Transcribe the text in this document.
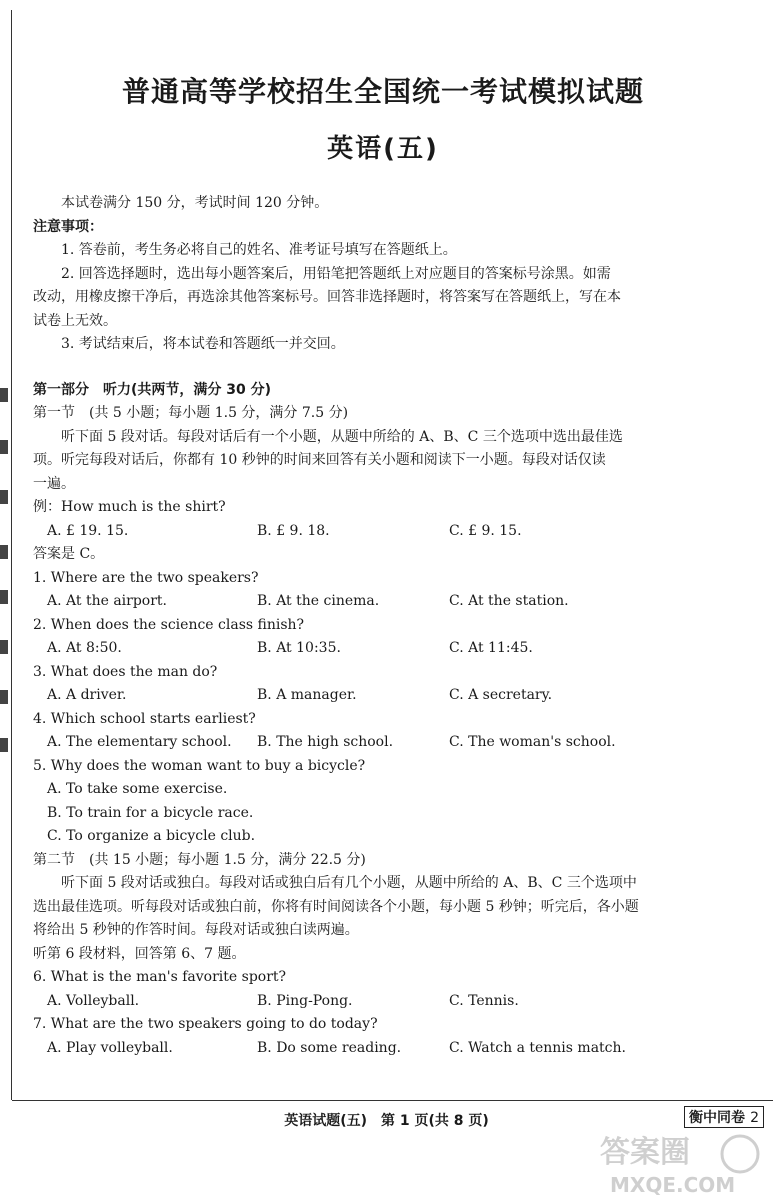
普通高等学校招生全国统一考试模拟试题
英语(五)

本试卷满分 150 分，考试时间 120 分钟。

注意事项：

1. 答卷前，考生务必将自己的姓名、准考证号填写在答题纸上。

2. 回答选择题时，选出每小题答案后，用铅笔把答题纸上对应题目的答案标号涂黑。如需

改动，用橡皮擦干净后，再选涂其他答案标号。回答非选择题时，将答案写在答题纸上，写在本

试卷上无效。

3. 考试结束后，将本试卷和答题纸一并交回。

第一部分　听力(共两节，满分 30 分)

第一节　(共 5 小题；每小题 1.5 分，满分 7.5 分)

听下面 5 段对话。每段对话后有一个小题，从题中所给的 A、B、C 三个选项中选出最佳选

项。听完每段对话后，你都有 10 秒钟的时间来回答有关小题和阅读下一小题。每段对话仅读

一遍。

例：How much is the shirt?

A. £ 19. 15.	B. £ 9. 18.	C. £ 9. 15.

答案是 C。

1. Where are the two speakers?

A. At the airport.	B. At the cinema.	C. At the station.

2. When does the science class finish?

A. At 8:50.	B. At 10:35.	C. At 11:45.

3. What does the man do?

A. A driver.	B. A manager.	C. A secretary.

4. Which school starts earliest?

A. The elementary school.	B. The high school.	C. The woman's school.

5. Why does the woman want to buy a bicycle?

A. To take some exercise.

B. To train for a bicycle race.

C. To organize a bicycle club.

第二节　(共 15 小题；每小题 1.5 分，满分 22.5 分)

听下面 5 段对话或独白。每段对话或独白后有几个小题，从题中所给的 A、B、C 三个选项中

选出最佳选项。听每段对话或独白前，你将有时间阅读各个小题，每小题 5 秒钟；听完后，各小题

将给出 5 秒钟的作答时间。每段对话或独白读两遍。

听第 6 段材料，回答第 6、7 题。

6. What is the man's favorite sport?

A. Volleyball.	B. Ping-Pong.	C. Tennis.

7. What are the two speakers going to do today?

A. Play volleyball.	B. Do some reading.	C. Watch a tennis match.
英语试题(五)　第 1 页(共 8 页)	衡中同卷 2
答案圈
MXQE.COM
